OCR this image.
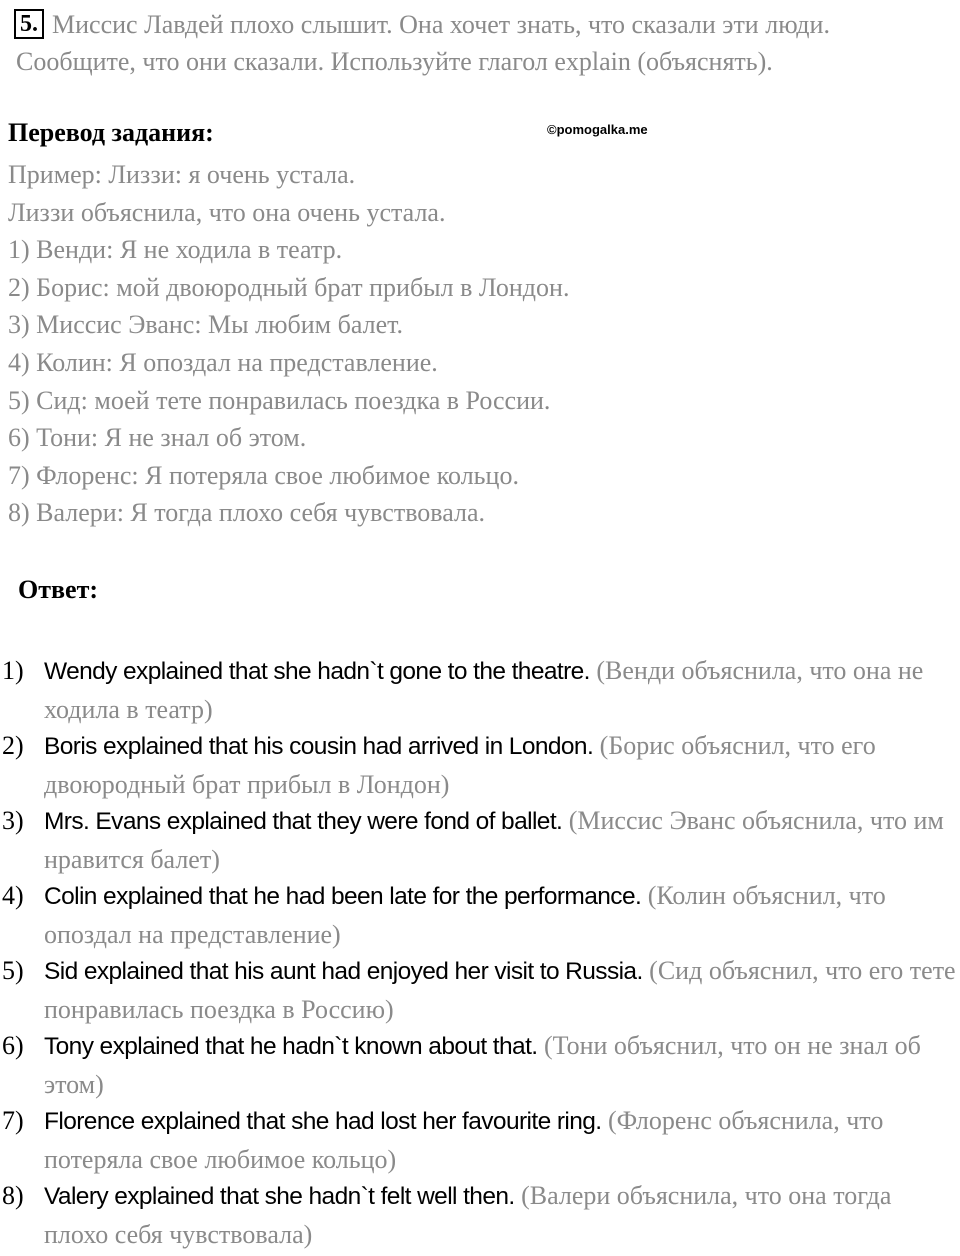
5. Миссис Лавдей плохо слышит. Она хочет знать, что сказали эти люди.
Сообщите, что они сказали. Используйте глагол explain (объяснять).
Перевод задания:	©pomogalka.me
Пример: Лиззи: я очень устала.
Лиззи объяснила, что она очень устала.
1) Венди: Я не ходила в театр.
2) Борис: мой двоюродный брат прибыл в Лондон.
3) Миссис Эванс: Мы любим балет.
4) Колин: Я опоздал на представление.
5) Сид: моей тете понравилась поездка в России.
6) Тони: Я не знал об этом.
7) Флоренс: Я потеряла свое любимое кольцо.
8) Валери: Я тогда плохо себя чувствовала.
Ответ:
1) Wendy explained that she hadn`t gone to the theatre. (Венди объяснила, что она не ходила в театр)
2) Boris explained that his cousin had arrived in London. (Борис объяснил, что его двоюродный брат прибыл в Лондон)
3) Mrs. Evans explained that they were fond of ballet. (Миссис Эванс объяснила, что им нравится балет)
4) Colin explained that he had been late for the performance. (Колин объяснил, что опоздал на представление)
5) Sid explained that his aunt had enjoyed her visit to Russia. (Сид объяснил, что его тете понравилась поездка в Россию)
6) Tony explained that he hadn`t known about that. (Тони объяснил, что он не знал об этом)
7) Florence explained that she had lost her favourite ring. (Флоренс объяснила, что потеряла свое любимое кольцо)
8) Valery explained that she hadn`t felt well then. (Валери объяснила, что она тогда плохо себя чувствовала)
